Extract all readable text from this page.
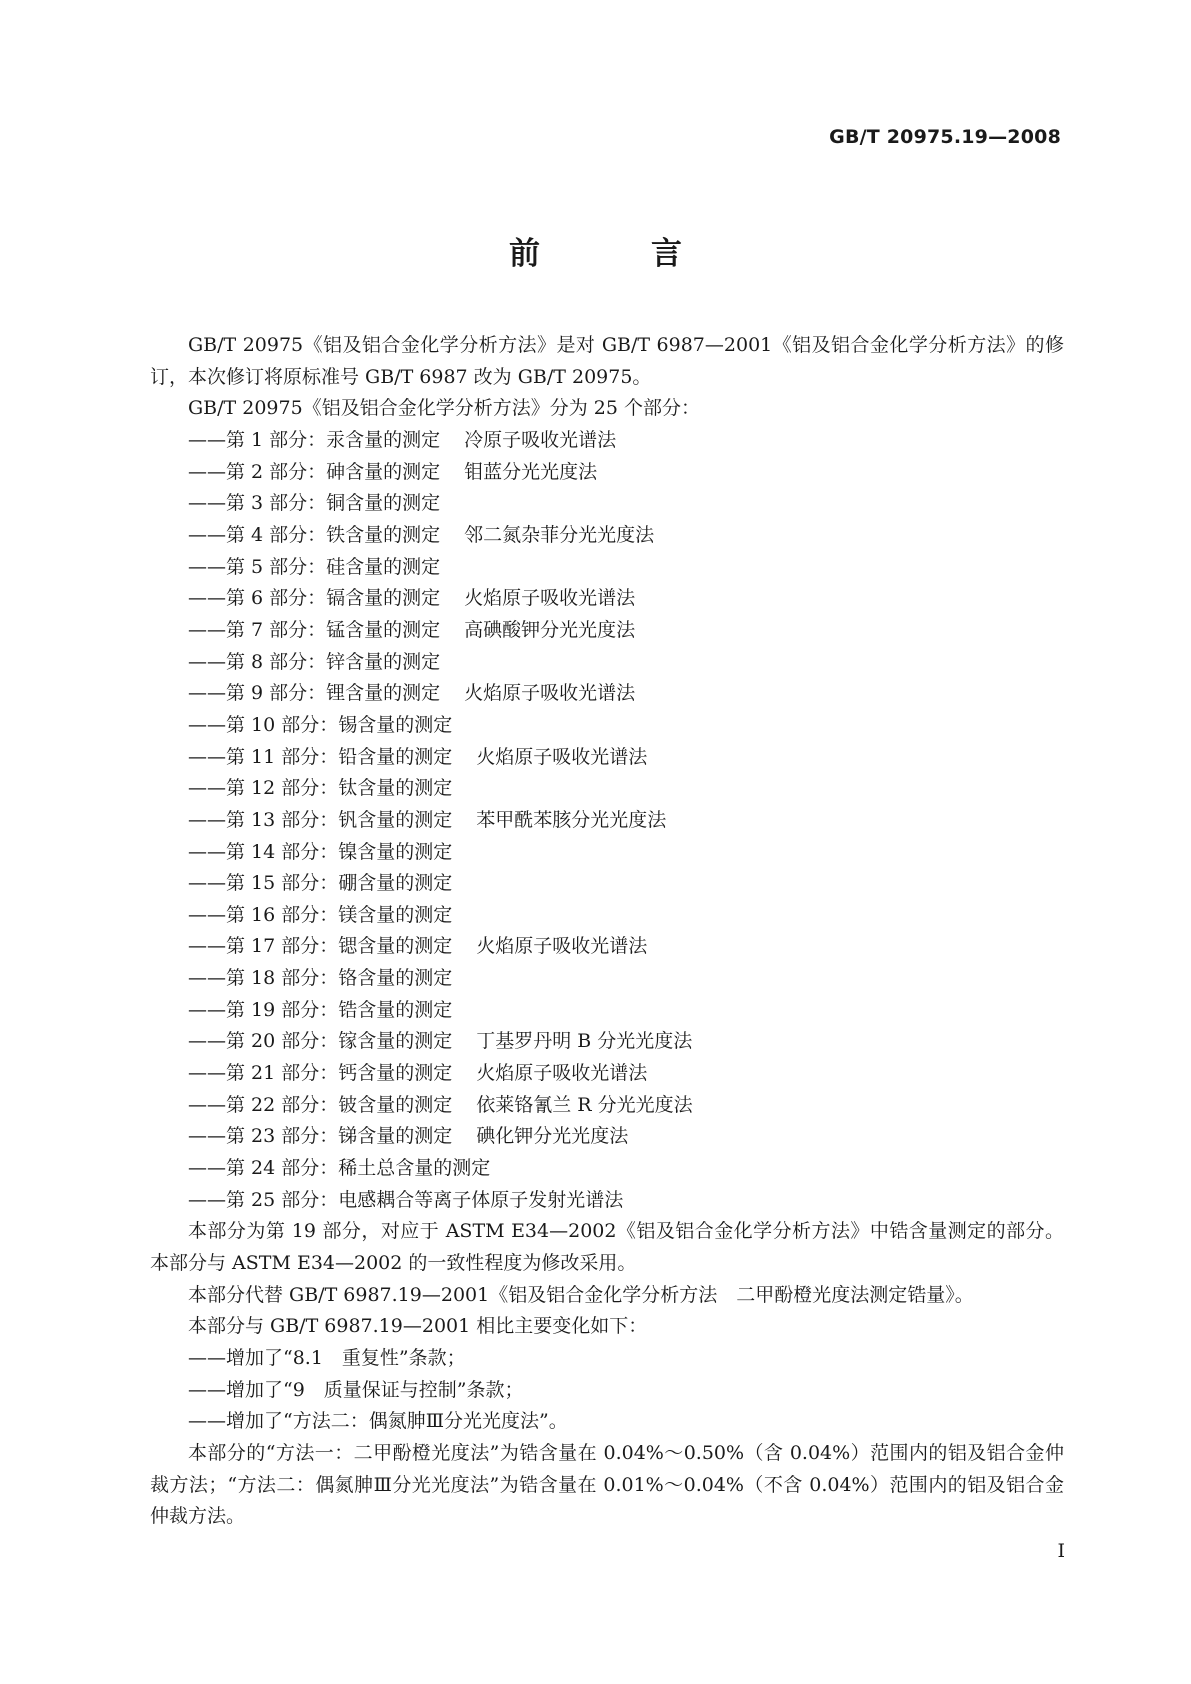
GB/T 20975.19—2008
前　言

GB/T 20975《铝及铝合金化学分析方法》是对 GB/T 6987—2001《铝及铝合金化学分析方法》的修订，本次修订将原标准号 GB/T 6987 改为 GB/T 20975。

GB/T 20975《铝及铝合金化学分析方法》分为 25 个部分：

——第 1 部分：汞含量的测定 冷原子吸收光谱法
——第 2 部分：砷含量的测定 钼蓝分光光度法
——第 3 部分：铜含量的测定
——第 4 部分：铁含量的测定 邻二氮杂菲分光光度法
——第 5 部分：硅含量的测定
——第 6 部分：镉含量的测定 火焰原子吸收光谱法
——第 7 部分：锰含量的测定 高碘酸钾分光光度法
——第 8 部分：锌含量的测定
——第 9 部分：锂含量的测定 火焰原子吸收光谱法
——第 10 部分：锡含量的测定
——第 11 部分：铅含量的测定 火焰原子吸收光谱法
——第 12 部分：钛含量的测定
——第 13 部分：钒含量的测定 苯甲酰苯胲分光光度法
——第 14 部分：镍含量的测定
——第 15 部分：硼含量的测定
——第 16 部分：镁含量的测定
——第 17 部分：锶含量的测定 火焰原子吸收光谱法
——第 18 部分：铬含量的测定
——第 19 部分：锆含量的测定
——第 20 部分：镓含量的测定 丁基罗丹明 B 分光光度法
——第 21 部分：钙含量的测定 火焰原子吸收光谱法
——第 22 部分：铍含量的测定 依莱铬氰兰 R 分光光度法
——第 23 部分：锑含量的测定 碘化钾分光光度法
——第 24 部分：稀土总含量的测定
——第 25 部分：电感耦合等离子体原子发射光谱法

本部分为第 19 部分，对应于 ASTM E34—2002《铝及铝合金化学分析方法》中锆含量测定的部分。本部分与 ASTM E34—2002 的一致性程度为修改采用。

本部分代替 GB/T 6987.19—2001《铝及铝合金化学分析方法　二甲酚橙光度法测定锆量》。

本部分与 GB/T 6987.19—2001 相比主要变化如下：

——增加了“8.1　重复性”条款；
——增加了“9　质量保证与控制”条款；
——增加了“方法二：偶氮胂Ⅲ分光光度法”。

本部分的“方法一：二甲酚橙光度法”为锆含量在 0.04%～0.50%（含 0.04%）范围内的铝及铝合金仲裁方法；“方法二：偶氮胂Ⅲ分光光度法”为锆含量在 0.01%～0.04%（不含 0.04%）范围内的铝及铝合金仲裁方法。

I
